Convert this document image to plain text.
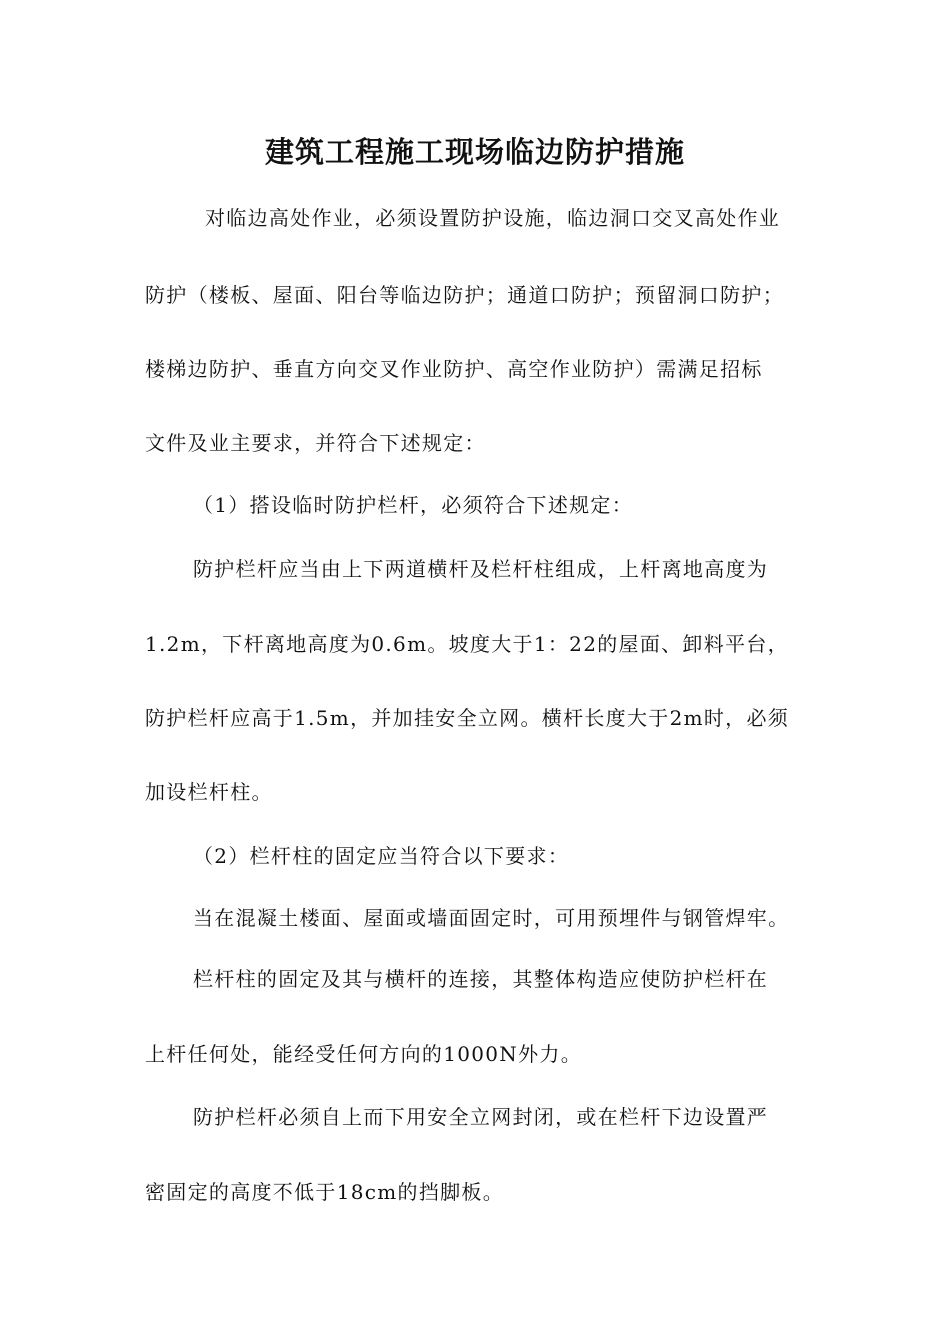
建筑工程施工现场临边防护措施
对临边高处作业，必须设置防护设施，临边洞口交叉高处作业
防护（楼板、屋面、阳台等临边防护；通道口防护；预留洞口防护；
楼梯边防护、垂直方向交叉作业防护、高空作业防护）需满足招标
文件及业主要求，并符合下述规定：
（1）搭设临时防护栏杆，必须符合下述规定：
防护栏杆应当由上下两道横杆及栏杆柱组成，上杆离地高度为
1.2m，下杆离地高度为0.6m。坡度大于1：22的屋面、卸料平台，
防护栏杆应高于1.5m，并加挂安全立网。横杆长度大于2m时，必须
加设栏杆柱。
（2）栏杆柱的固定应当符合以下要求：
当在混凝土楼面、屋面或墙面固定时，可用预埋件与钢管焊牢。
栏杆柱的固定及其与横杆的连接，其整体构造应使防护栏杆在
上杆任何处，能经受任何方向的1000N外力。
防护栏杆必须自上而下用安全立网封闭，或在栏杆下边设置严
密固定的高度不低于18cm的挡脚板。
